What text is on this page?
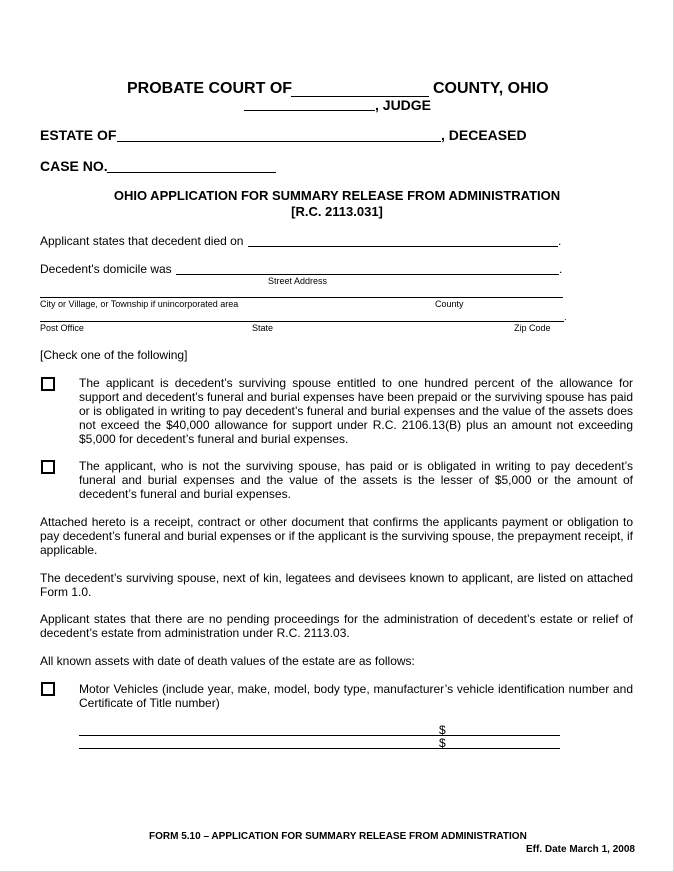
PROBATE COURT OF	COUNTY, OHIO
, JUDGE
ESTATE OF	, DECEASED
CASE NO.
OHIO APPLICATION FOR SUMMARY RELEASE FROM ADMINISTRATION
[R.C. 2113.031]
Applicant states that decedent died on	.
Decedent's domicile was	.
Street Address
City or Village, or Township if unincorporated area	County
.
Post Office	State	Zip Code
[Check one of the following]
The applicant is decedent’s surviving spouse entitled to one hundred percent of the allowance for support and decedent’s funeral and burial expenses have been prepaid or the surviving spouse has paid or is obligated in writing to pay decedent’s funeral and burial expenses and the value of the assets does not exceed the $40,000 allowance for support under R.C. 2106.13(B) plus an amount not exceeding $5,000 for decedent’s funeral and burial expenses.
The applicant, who is not the surviving spouse, has paid or is obligated in writing to pay decedent’s funeral and burial expenses and the value of the assets is the lesser of $5,000 or the amount of decedent’s funeral and burial expenses.
Attached hereto is a receipt, contract or other document that confirms the applicants payment or obligation to pay decedent’s funeral and burial expenses or if the applicant is the surviving spouse, the prepayment receipt, if applicable.
The decedent’s surviving spouse, next of kin, legatees and devisees known to applicant, are listed on attached Form 1.0.
Applicant states that there are no pending proceedings for the administration of decedent’s estate or relief of decedent’s estate from administration under R.C. 2113.03.
All known assets with date of death values of the estate are as follows:
Motor Vehicles (include year, make, model, body type, manufacturer’s vehicle identification number and Certificate of Title number)
$
$
FORM 5.10 – APPLICATION FOR SUMMARY RELEASE FROM ADMINISTRATION
Eff. Date March 1, 2008
